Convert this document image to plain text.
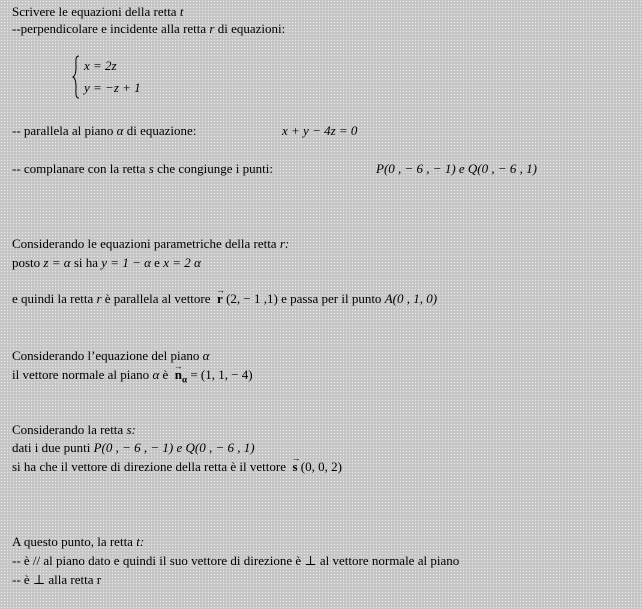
Scrivere le equazioni della retta t
--perpendicolare e incidente alla retta r di equazioni:
x = 2z
y = −z + 1
-- parallela al piano α di equazione:	x + y − 4z = 0
-- complanare con la retta s che congiunge i punti:	P(0 , − 6 , − 1) e Q(0 , − 6 , 1)
Considerando le equazioni parametriche della retta r:
posto z = α si ha y = 1 − α e x = 2 α
e quindi la retta r è parallela al vettore  → r (2, − 1 ,1) e passa per il punto A(0 , 1, 0)
Considerando l’equazione del piano α
il vettore normale al piano α è  → $n_\alpha = (1$, 1, − 4)
Considerando la retta s:
dati i due punti P(0 , − 6 , − 1) e Q(0 , − 6 , 1)
si ha che il vettore di direzione della retta è il vettore  → s (0, 0, 2)
A questo punto, la retta t:
-- è // al piano dato e quindi il suo vettore di direzione è ⊥ al vettore normale al piano
-- è ⊥ alla retta r
